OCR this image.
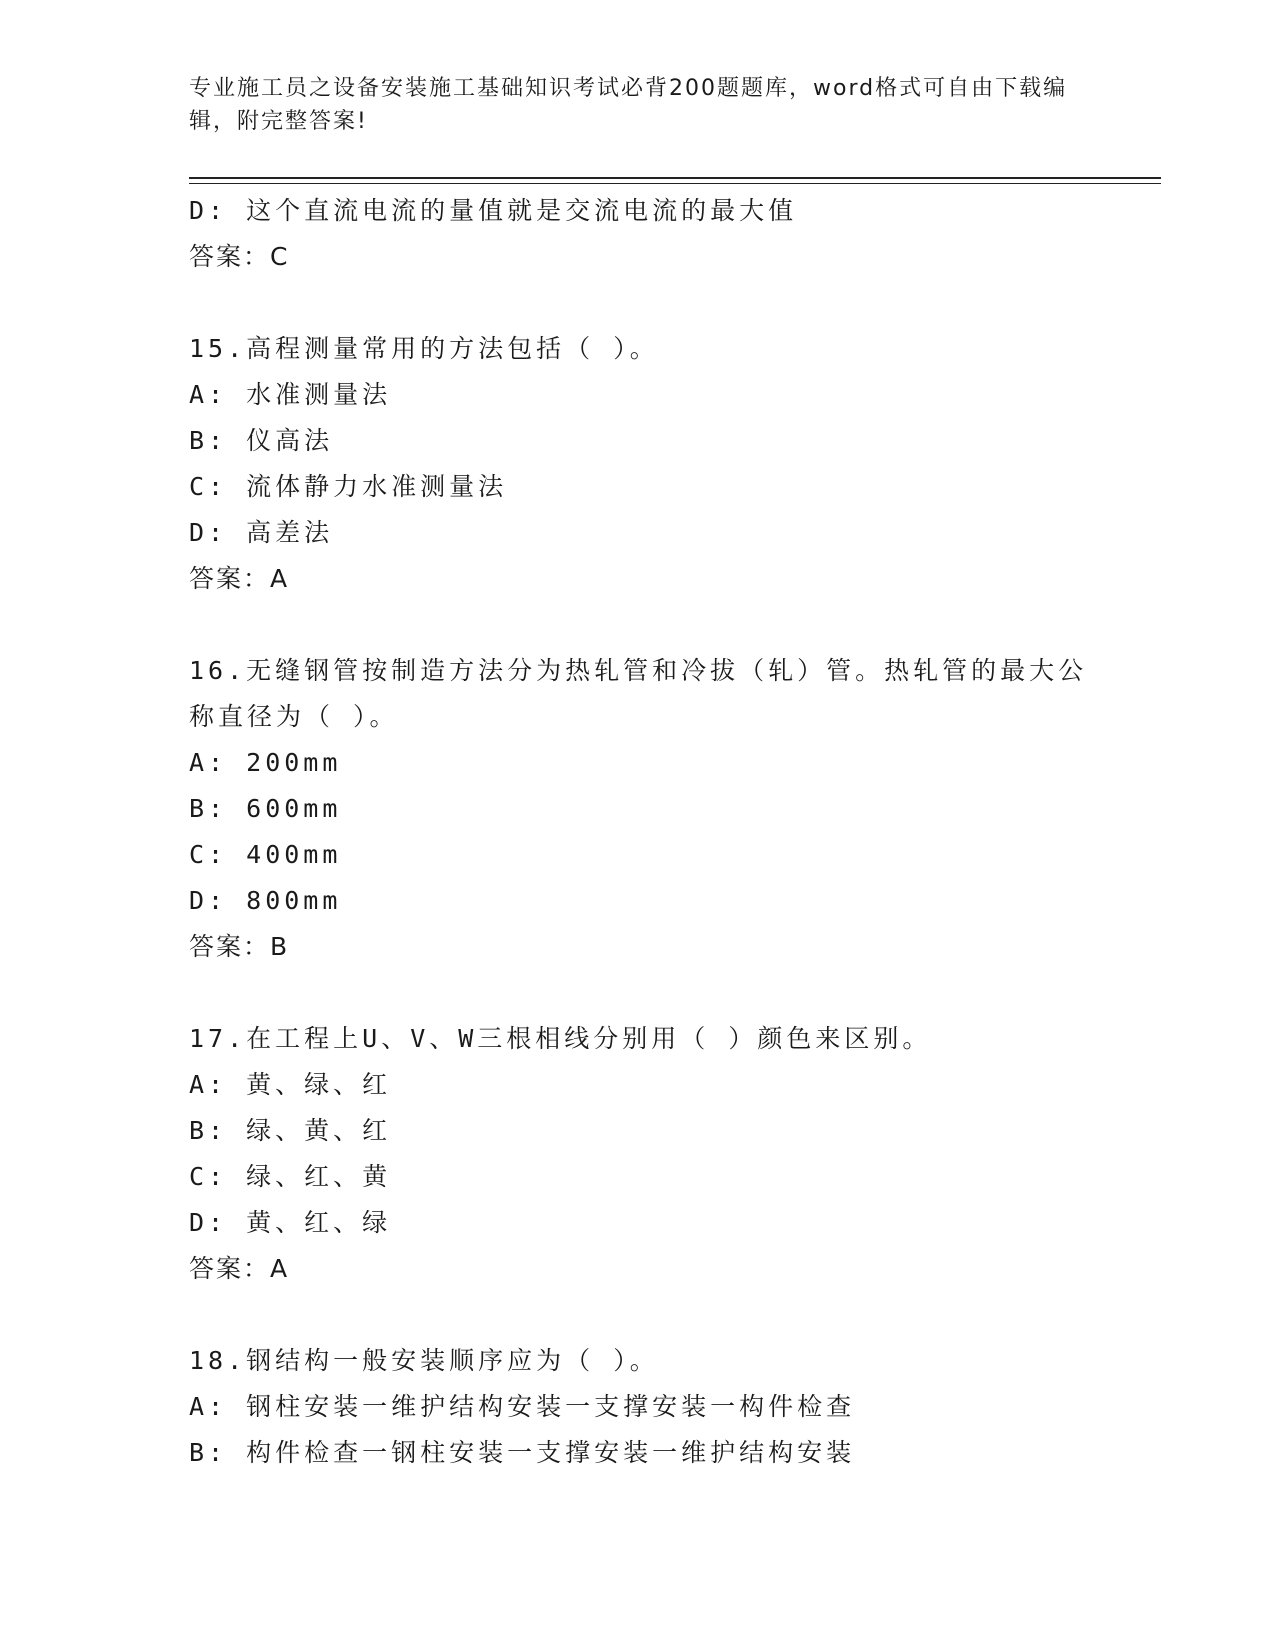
专业施工员之设备安装施工基础知识考试必背200题题库，word格式可自由下载编辑，附完整答案!
D: 这个直流电流的量值就是交流电流的最大值
答案：C
15.高程测量常用的方法包括（ ）。
A: 水准测量法
B: 仪高法
C: 流体静力水准测量法
D: 高差法
答案：A
16.无缝钢管按制造方法分为热轧管和冷拔（轧）管。热轧管的最大公称直径为（ ）。
A: 200mm
B: 600mm
C: 400mm
D: 800mm
答案：B
17.在工程上U、V、W三根相线分别用（ ）颜色来区别。
A: 黄、绿、红
B: 绿、黄、红
C: 绿、红、黄
D: 黄、红、绿
答案：A
18.钢结构一般安装顺序应为（ ）。
A: 钢柱安装一维护结构安装一支撑安装一构件检查
B: 构件检查一钢柱安装一支撑安装一维护结构安装
